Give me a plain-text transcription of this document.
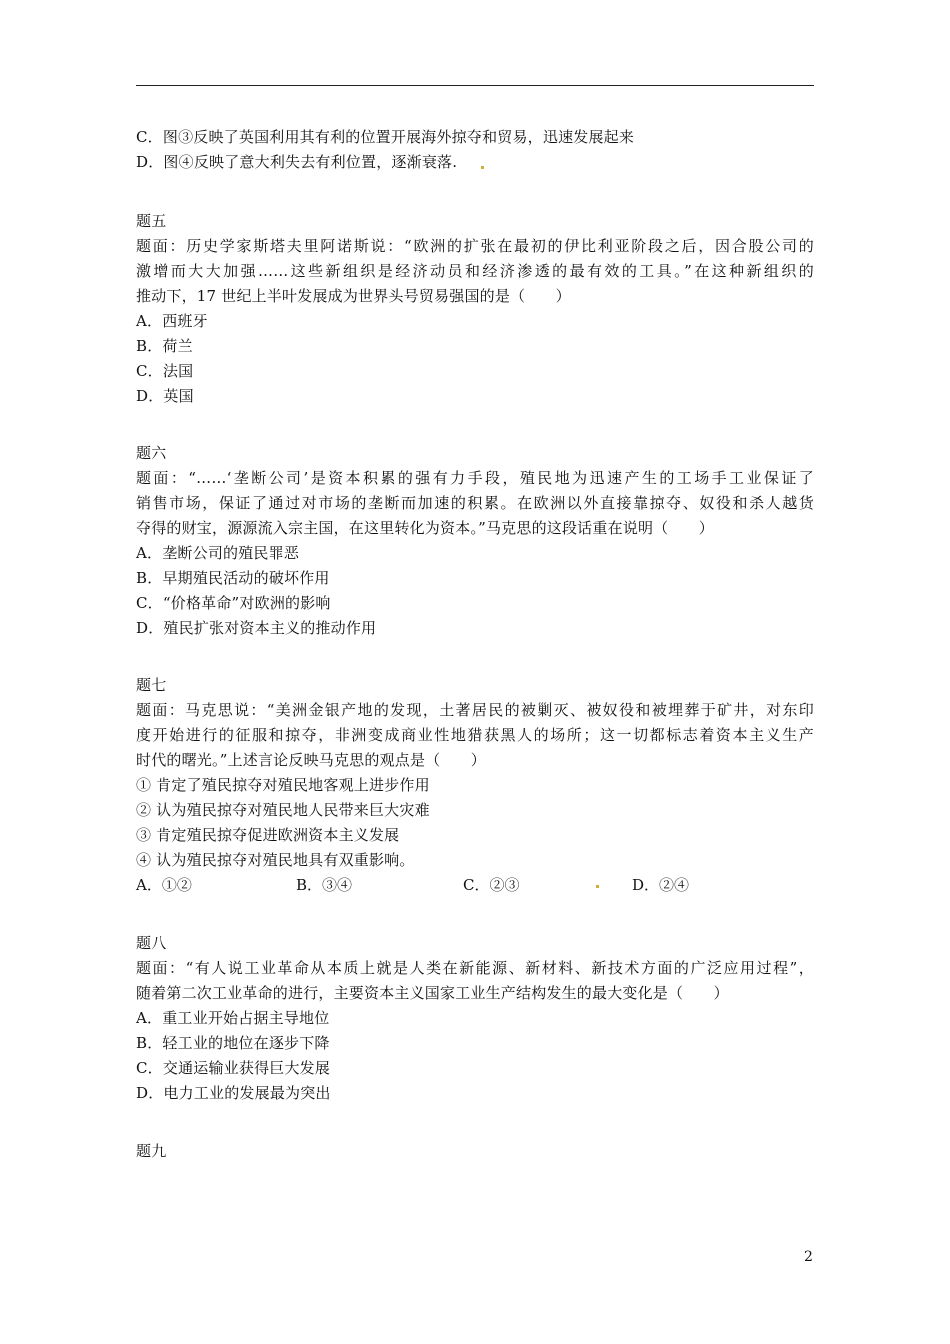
C．图③反映了英国利用其有利的位置开展海外掠夺和贸易，迅速发展起来
D．图④反映了意大利失去有利位置，逐渐衰落.
题五
题面：历史学家斯塔夫里阿诺斯说：“欧洲的扩张在最初的伊比利亚阶段之后，因合股公司的
激增而大大加强……这些新组织是经济动员和经济渗透的最有效的工具。”在这种新组织的
推动下，17 世纪上半叶发展成为世界头号贸易强国的是（　　）
A．西班牙
B．荷兰
C．法国
D．英国
题六
题面：“……‘垄断公司’是资本积累的强有力手段，殖民地为迅速产生的工场手工业保证了
销售市场，保证了通过对市场的垄断而加速的积累。在欧洲以外直接靠掠夺、奴役和杀人越货
夺得的财宝，源源流入宗主国，在这里转化为资本。”马克思的这段话重在说明（　　）
A．垄断公司的殖民罪恶
B．早期殖民活动的破坏作用
C．“价格革命”对欧洲的影响
D．殖民扩张对资本主义的推动作用
题七
题面：马克思说：“美洲金银产地的发现，土著居民的被剿灭、被奴役和被埋葬于矿井，对东印
度开始进行的征服和掠夺，非洲变成商业性地猎获黑人的场所；这一切都标志着资本主义生产
时代的曙光。”上述言论反映马克思的观点是（　　）
① 肯定了殖民掠夺对殖民地客观上进步作用
② 认为殖民掠夺对殖民地人民带来巨大灾难
③ 肯定殖民掠夺促进欧洲资本主义发展
④ 认为殖民掠夺对殖民地具有双重影响。
A．①②	B．③④	C．②③	D．②④
题八
题面：“有人说工业革命从本质上就是人类在新能源、新材料、新技术方面的广泛应用过程”，
随着第二次工业革命的进行，主要资本主义国家工业生产结构发生的最大变化是（　　）
A．重工业开始占据主导地位
B．轻工业的地位在逐步下降
C．交通运输业获得巨大发展
D．电力工业的发展最为突出
题九
2
